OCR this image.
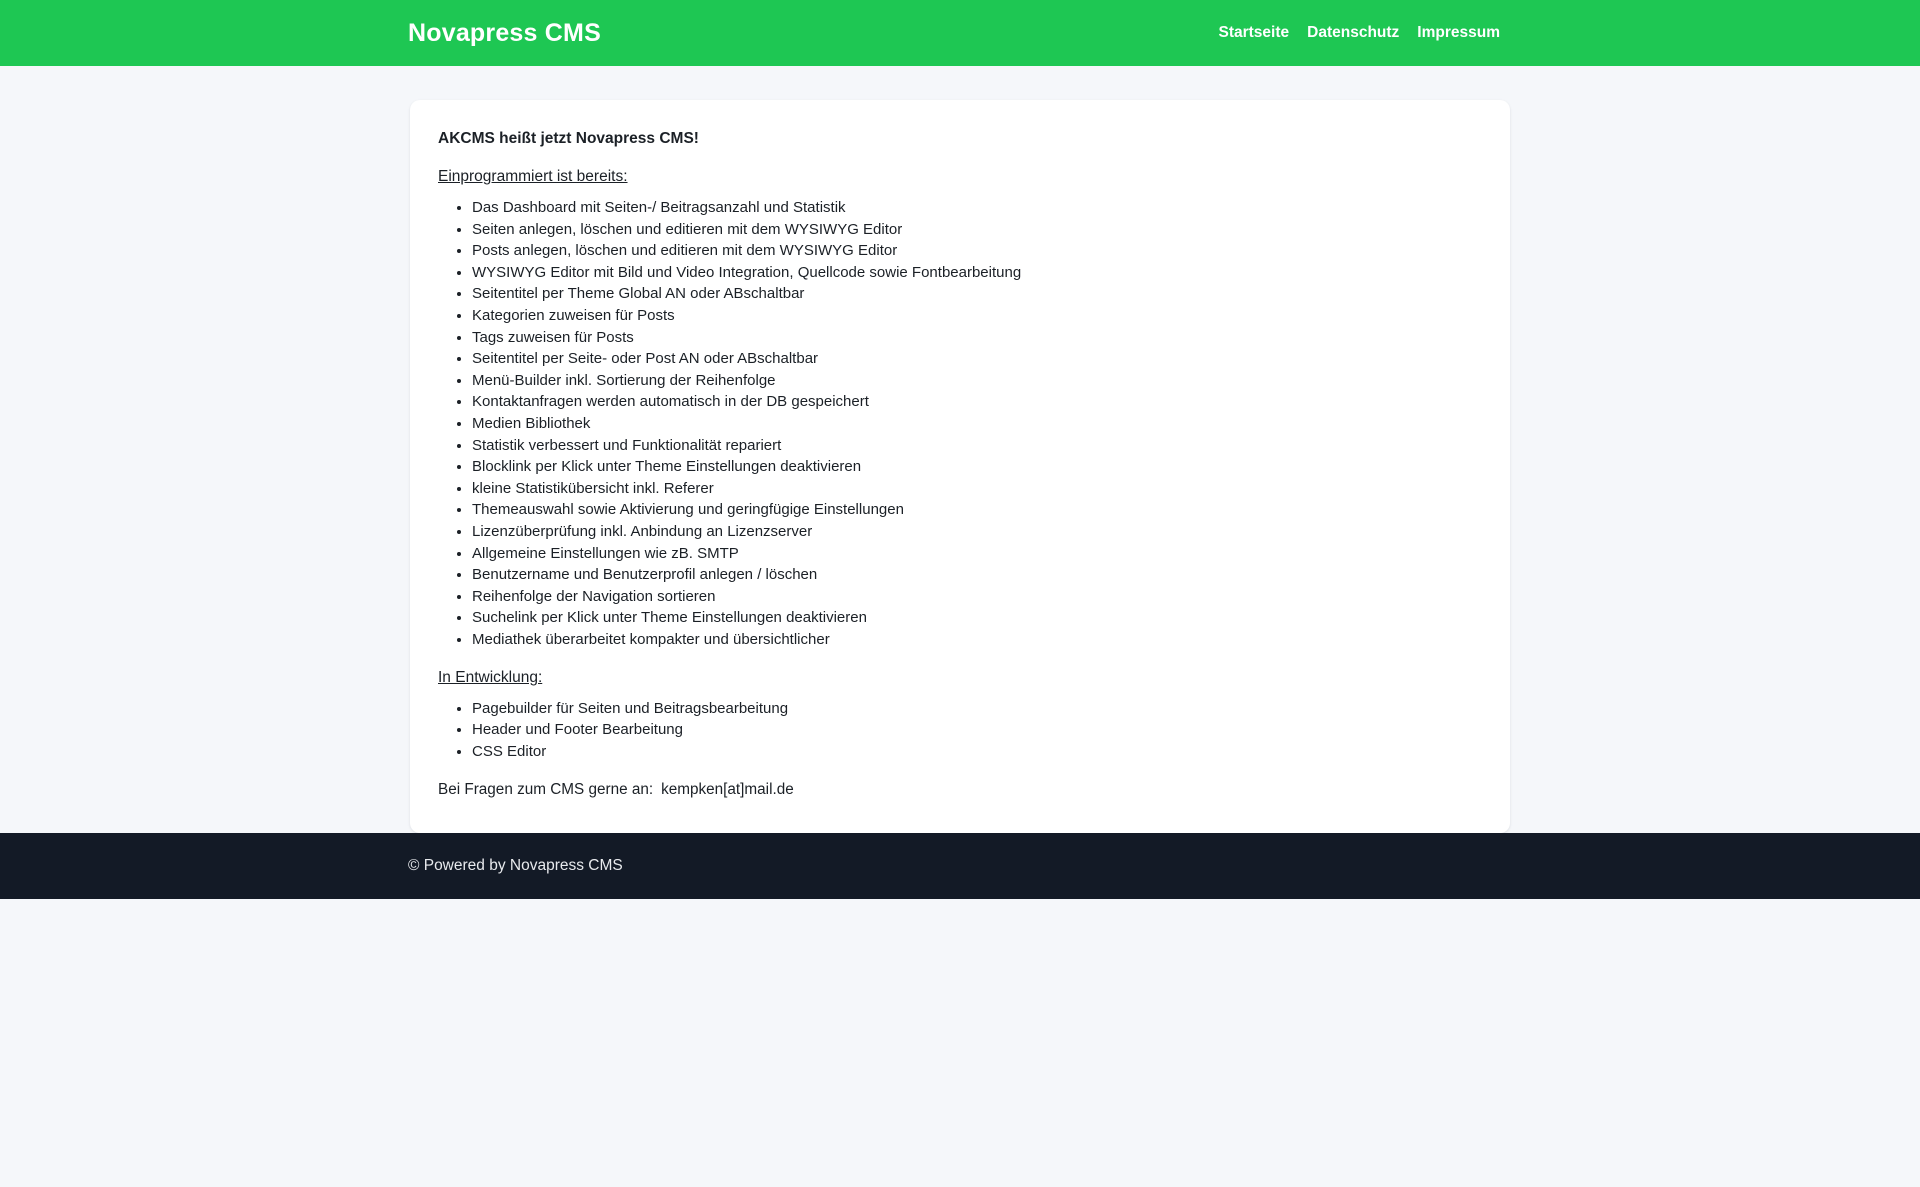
Novapress CMS	Startseite Datenschutz Impressum
AKCMS heißt jetzt Novapress CMS!

Einprogrammiert ist bereits:

• Das Dashboard mit Seiten-/ Beitragsanzahl und Statistik
• Seiten anlegen, löschen und editieren mit dem WYSIWYG Editor
• Posts anlegen, löschen und editieren mit dem WYSIWYG Editor
• WYSIWYG Editor mit Bild und Video Integration, Quellcode sowie Fontbearbeitung
• Seitentitel per Theme Global AN oder ABschaltbar
• Kategorien zuweisen für Posts
• Tags zuweisen für Posts
• Seitentitel per Seite- oder Post AN oder ABschaltbar
• Menü-Builder inkl. Sortierung der Reihenfolge
• Kontaktanfragen werden automatisch in der DB gespeichert
• Medien Bibliothek
• Statistik verbessert und Funktionalität repariert
• Blocklink per Klick unter Theme Einstellungen deaktivieren
• kleine Statistikübersicht inkl. Referer
• Themeauswahl sowie Aktivierung und geringfügige Einstellungen
• Lizenzüberprüfung inkl. Anbindung an Lizenzserver
• Allgemeine Einstellungen wie zB. SMTP
• Benutzername und Benutzerprofil anlegen / löschen
• Reihenfolge der Navigation sortieren
• Suchelink per Klick unter Theme Einstellungen deaktivieren
• Mediathek überarbeitet kompakter und übersichtlicher

In Entwicklung:

• Pagebuilder für Seiten und Beitragsbearbeitung
• Header und Footer Bearbeitung
• CSS Editor

Bei Fragen zum CMS gerne an: kempken[at]mail.de

© Powered by Novapress CMS
